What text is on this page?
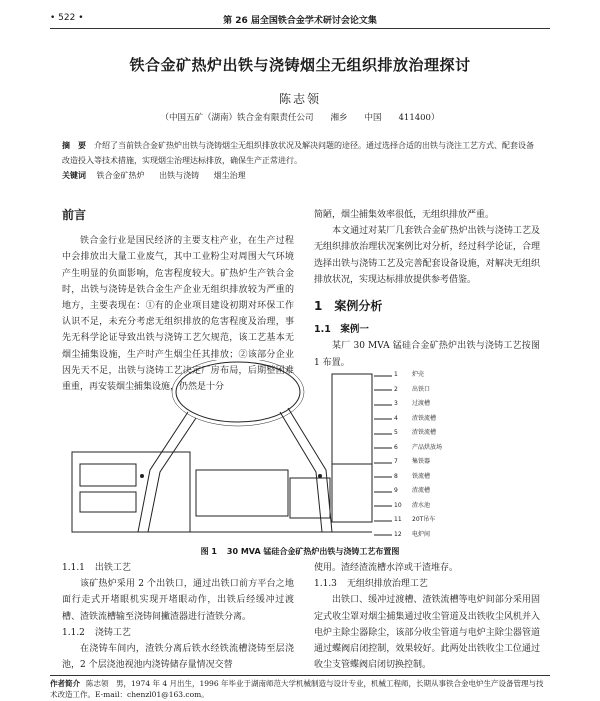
• 522 •	第 26 届全国铁合金学术研讨会论文集
铁合金矿热炉出铁与浇铸烟尘无组织排放治理探讨
陈志领
（中国五矿（湖南）铁合金有限责任公司　　湘乡　　中国　　411400）
摘　要 介绍了当前铁合金矿热炉出铁与浇铸烟尘无组织排放状况及解决问题的途径。通过选择合适的出铁与浇注工艺方式、配套设备改造投入等技术措施，实现烟尘治理达标排放，确保生产正常进行。
关键词 铁合金矿热炉 出铁与浇铸 烟尘治理
前言

铁合金行业是国民经济的主要支柱产业，在生产过程中会排放出大量工业废气，其中工业粉尘对周围大气环境产生明显的负面影响，危害程度较大。矿热炉生产铁合金时，出铁与浇铸是铁合金生产企业无组织排放较为严重的地方，主要表现在：①有的企业项目建设初期对环保工作认识不足，未充分考虑无组织排放的危害程度及治理，事先无科学论证导致出铁与浇铸工艺欠规范，该工艺基本无烟尘捕集设施，生产时产生烟尘任其排放；②该部分企业因先天不足，出铁与浇铸工艺决定厂房布局，后期整困难重重，再安装烟尘捕集设施，仍然是十分

简陋，烟尘捕集效率很低，无组织排放严重。

本文通过对某厂几套铁合金矿热炉出铁与浇铸工艺及无组织排放治理状况案例比对分析，经过科学论证，合理选择出铁与浇铸工艺及完善配套设备设施，对解决无组织排放状况，实现达标排放提供参考借鉴。

1　案例分析
1.1　案例一

某厂 30 MVA 锰硅合金矿热炉出铁与浇铸工艺按图 1 布置。

1 炉壳
2 出铁口
3 过渡槽
4 渣铁流槽
5 渣铁流槽
6 产品烘放场
7 集铁器
8 铁流槽
9 渣流槽
10 渣水池
11 20T吊车
12 电炉间
图 1 30 MVA 锰硅合金矿热炉出铁与浇铸工艺布置图
1.1.1 出铁工艺

该矿热炉采用 2 个出铁口，通过出铁口前方平台之地面行走式开堵眼机实现开堵眼动作，出铁后经缓冲过渡槽、渣铁流槽输至浇铸间撇渣器进行渣铁分离。

1.1.2 浇铸工艺

在浇铸车间内，渣铁分离后铁水经铁流槽浇铸至层浇池，2 个层浇池视池内浇铸储存量情况交替

使用。渣经渣流槽水淬或干渣堆存。

1.1.3 无组织排放治理工艺

出铁口、缓冲过渡槽、渣铁流槽等电炉间部分采用固定式收尘罩对烟尘捕集通过收尘管道及出铁收尘风机并入电炉主除尘器除尘，该部分收尘管道与电炉主除尘器管道通过蝶阀启闭控制，效果较好。此两处出铁收尘工位通过收尘支管蝶阀启闭切换控制。

作者简介 陈志领　男，1974 年 4 月出生，1996 年毕业于湖南师范大学机械制造与设计专业，机械工程师，长期从事铁合金电炉生产设备管理与技术改造工作。E-mail：chenzl01@163.com。
